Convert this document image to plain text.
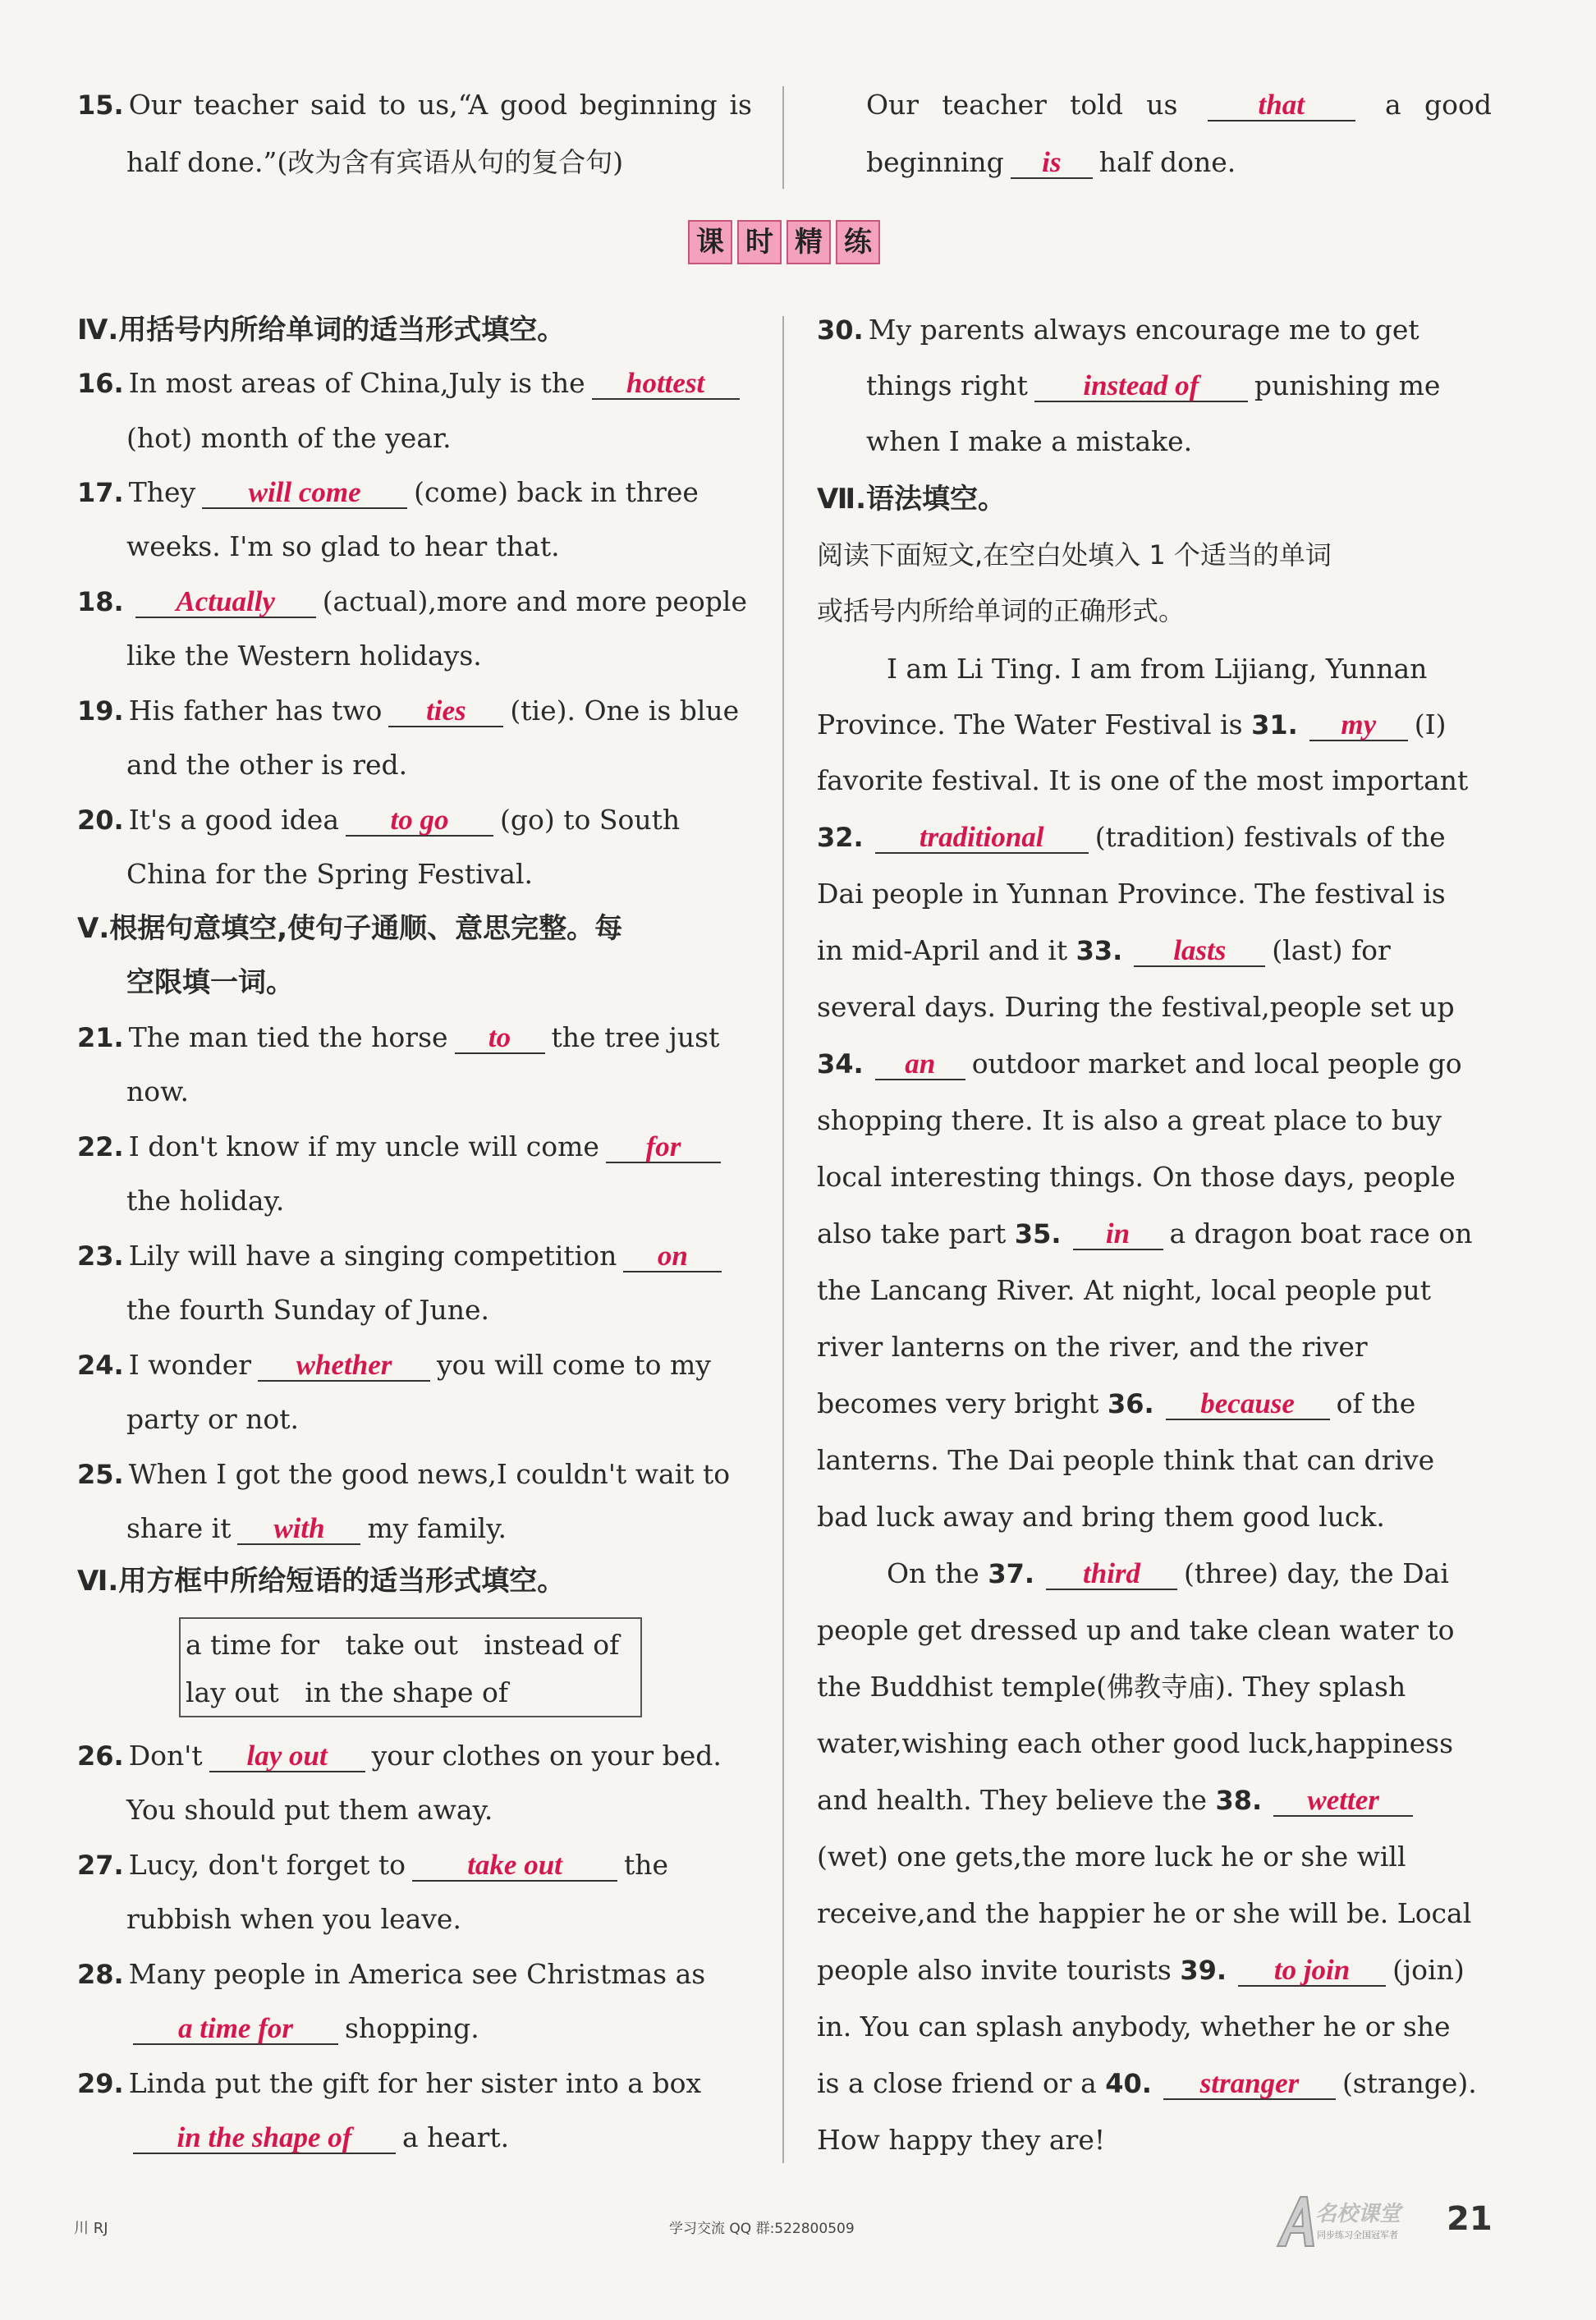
15. Our teacher said to us,“A good beginning is
half done.”(改为含有宾语从句的复合句)
Our teacher told us	that	a good
beginning is half done.
课 时 精 练
Ⅳ.用括号内所给单词的适当形式填空。
16. In most areas of China,July is the hottest
(hot) month of the year.
17. They will come (come) back in three
weeks. I'm so glad to hear that.
18. Actually (actual),more and more people
like the Western holidays.
19. His father has two ties (tie). One is blue
and the other is red.
20. It's a good idea to go (go) to South
China for the Spring Festival.
Ⅴ.根据句意填空,使句子通顺、意思完整。每
空限填一词。
21. The man tied the horse to the tree just
now.
22. I don't know if my uncle will come for
the holiday.
23. Lily will have a singing competition on
the fourth Sunday of June.
24. I wonder whether you will come to my
party or not.
25. When I got the good news,I couldn't wait to
share it with my family.
Ⅵ.用方框中所给短语的适当形式填空。
a time for   take out   instead of
lay out   in the shape of
26. Don't lay out your clothes on your bed.
You should put them away.
27. Lucy, don't forget to take out the
rubbish when you leave.
28. Many people in America see Christmas as
a time for shopping.
29. Linda put the gift for her sister into a box
in the shape of a heart.
30. My parents always encourage me to get
things right instead of punishing me
when I make a mistake.
Ⅶ.语法填空。
阅读下面短文,在空白处填入 1 个适当的单词
或括号内所给单词的正确形式。
I am Li Ting. I am from Lijiang, Yunnan
Province. The Water Festival is 31. my (I)
favorite festival. It is one of the most important
32. traditional (tradition) festivals of the
Dai people in Yunnan Province. The festival is
in mid-April and it 33. lasts (last) for
several days. During the festival,people set up
34. an outdoor market and local people go
shopping there. It is also a great place to buy
local interesting things. On those days, people
also take part 35. in a dragon boat race on
the Lancang River. At night, local people put
river lanterns on the river, and the river
becomes very bright 36. because of the
lanterns. The Dai people think that can drive
bad luck away and bring them good luck.
On the 37. third (three) day, the Dai
people get dressed up and take clean water to
the Buddhist temple(佛教寺庙). They splash
water,wishing each other good luck,happiness
and health. They believe the 38. wetter
(wet) one gets,the more luck he or she will
receive,and the happier he or she will be. Local
people also invite tourists 39. to join (join)
in. You can splash anybody, whether he or she
is a close friend or a 40. stranger (strange).
How happy they are!
川 RJ	学习交流 QQ 群:522800509
名校课堂
同步练习全国冠军者 21
